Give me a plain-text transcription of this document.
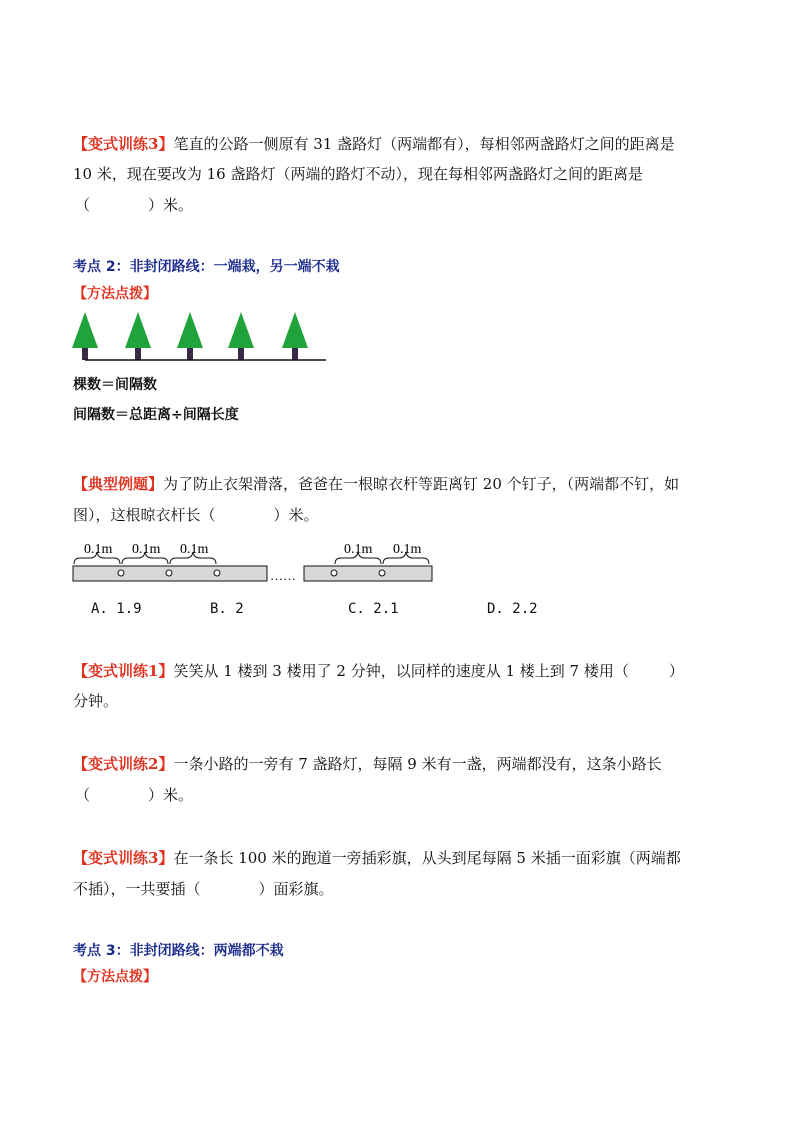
【变式训练3】笔直的公路一侧原有 31 盏路灯（两端都有），每相邻两盏路灯之间的距离是
10 米，现在要改为 16 盏路灯（两端的路灯不动），现在每相邻两盏路灯之间的距离是
（	）米。
考点 2：非封闭路线：一端栽，另一端不栽
【方法点拨】
棵数＝间隔数
间隔数＝总距离÷间隔长度
【典型例题】为了防止衣架滑落，爸爸在一根晾衣杆等距离钉 20 个钉子，（两端都不钉，如
图），这根晾衣杆长（	）米。
0.1m 0.1m 0.1m	0.1m 0.1m
……
A. 1.9	B. 2	C. 2.1	D. 2.2
【变式训练1】笑笑从 1 楼到 3 楼用了 2 分钟，以同样的速度从 1 楼上到 7 楼用（	）
分钟。
【变式训练2】一条小路的一旁有 7 盏路灯，每隔 9 米有一盏，两端都没有，这条小路长
（	）米。
【变式训练3】在一条长 100 米的跑道一旁插彩旗，从头到尾每隔 5 米插一面彩旗（两端都
不插），一共要插（	）面彩旗。
考点 3：非封闭路线：两端都不栽
【方法点拨】
